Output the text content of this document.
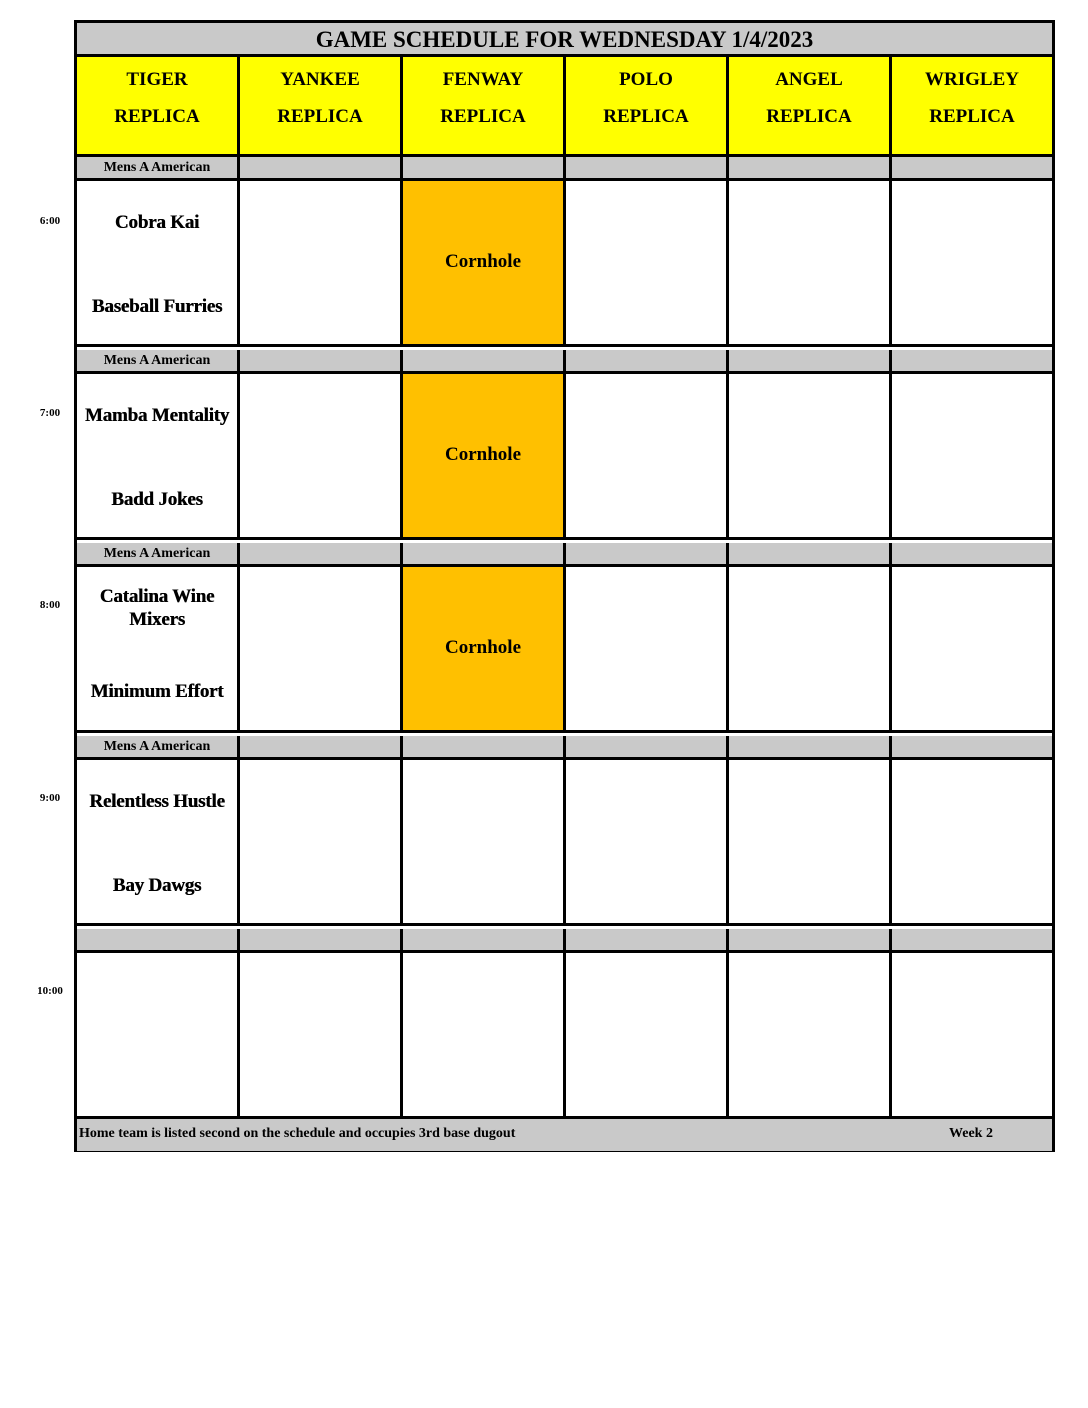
6:00
7:00
8:00
9:00
10:00
GAME SCHEDULE FOR WEDNESDAY 1/4/2023
TIGER
REPLICA
YANKEE
REPLICA
FENWAY
REPLICA
POLO
REPLICA
ANGEL
REPLICA
WRIGLEY
REPLICA
Mens A American
Cobra Kai
Baseball Furries
Cornhole
Mens A American
Mamba Mentality
Badd Jokes
Cornhole
Mens A American
Catalina Wine Mixers
Minimum Effort
Cornhole
Mens A American
Relentless Hustle
Bay Dawgs
Home team is listed second on the schedule and occupies 3rd base dugout	Week 2
